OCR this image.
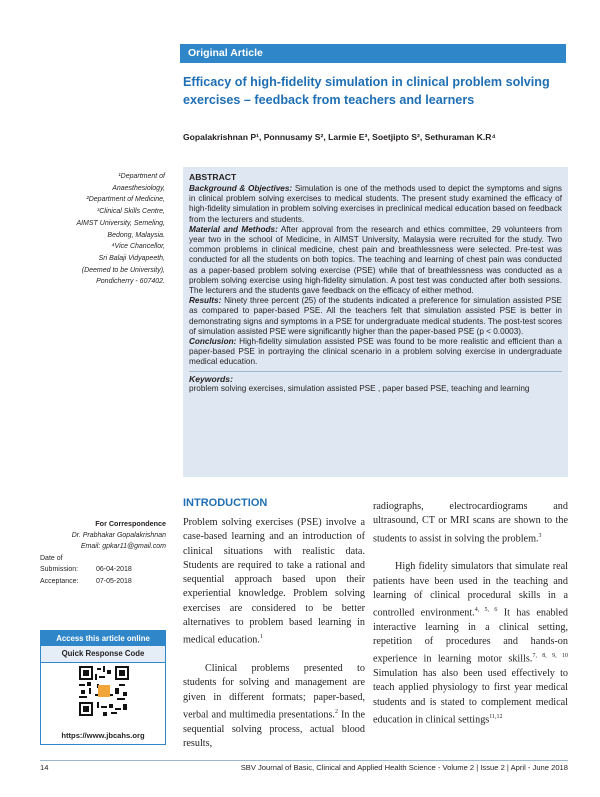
Original Article
Efficacy of high-fidelity simulation in clinical problem solving exercises – feedback from teachers and learners
Gopalakrishnan P¹, Ponnusamy S², Larmie E³, Soetjipto S², Sethuraman K.R⁴
¹Department of
Anaesthesiology,
²Department of Medicine,
³Clinical Skills Centre,
AIMST University, Semeling,
Bedong, Malaysia.
⁴Vice Chancellor,
Sri Balaji Vidyapeeth,
(Deemed to be University),
Pondicherry - 607402.
ABSTRACT

Background & Objectives: Simulation is one of the methods used to depict the symptoms and signs in clinical problem solving exercises to medical students. The present study examined the efficacy of high-fidelity simulation in problem solving exercises in preclinical medical education based on feedback from the lecturers and students.

Material and Methods: After approval from the research and ethics committee, 29 volunteers from year two in the school of Medicine, in AIMST University, Malaysia were recruited for the study. Two common problems in clinical medicine, chest pain and breathlessness were selected. Pre-test was conducted for all the students on both topics. The teaching and learning of chest pain was conducted as a paper-based problem solving exercise (PSE) while that of breathlessness was conducted as a problem solving exercise using high-fidelity simulation. A post test was conducted after both sessions. The lecturers and the students gave feedback on the efficacy of either method.

Results: Ninety three percent (25) of the students indicated a preference for simulation assisted PSE as compared to paper-based PSE. All the teachers felt that simulation assisted PSE is better in demonstrating signs and symptoms in a PSE for undergraduate medical students. The post-test scores of simulation assisted PSE were significantly higher than the paper-based PSE (p < 0.0003).

Conclusion: High-fidelity simulation assisted PSE was found to be more realistic and efficient than a paper-based PSE in portraying the clinical scenario in a problem solving exercise in undergraduate medical education.

Keywords:

problem solving exercises, simulation assisted PSE , paper based PSE, teaching and learning

For Correspondence
Dr. Prabhakar Gopalakrishnan
Email: gpkar11@gmail.com
Date of
Submission:	06-04-2018
Acceptance:	07-05-2018
Access this article online
Quick Response Code
https://www.jbcahs.org
INTRODUCTION

Problem solving exercises (PSE) involve a case-based learning and an introduction of clinical situations with realistic data. Students are required to take a rational and sequential approach based upon their experiential knowledge. Problem solving exercises are considered to be better alternatives to problem based learning in medical education.$^1$

Clinical problems presented to students for solving and management are given in different formats; paper-based, verbal and multimedia presentations.$^2$ In the sequential solving process, actual blood results,

radiographs, electrocardiograms and ultrasound, CT or MRI scans are shown to the students to assist in solving the problem.$^3$

High fidelity simulators that simulate real patients have been used in the teaching and learning of clinical procedural skills in a controlled environment.$^{4, 5, 6}$ It has enabled interactive learning in a clinical setting, repetition of procedures and hands-on experience in learning motor skills.$^{7, 8, 9, 10}$ Simulation has also been used effectively to teach applied physiology to first year medical students and is stated to complement medical education in clinical settings$^{11,12}$

14	SBV Journal of Basic, Clinical and Applied Health Science - Volume 2 | Issue 2 | April - June 2018
